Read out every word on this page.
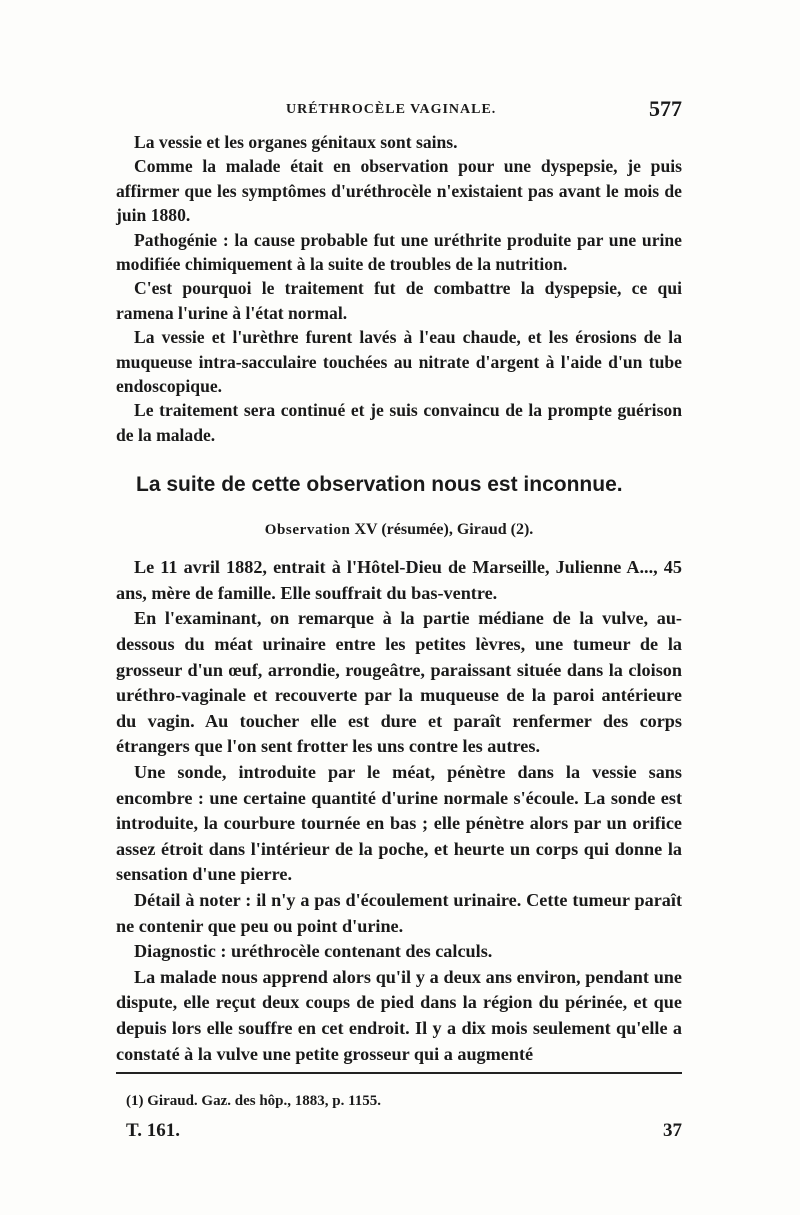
URÉTHROCÈLE VAGINALE.	577

La vessie et les organes génitaux sont sains.

Comme la malade était en observation pour une dyspepsie, je puis affirmer que les symptômes d'uréthrocèle n'existaient pas avant le mois de juin 1880.

Pathogénie : la cause probable fut une uréthrite produite par une urine modifiée chimiquement à la suite de troubles de la nutrition.

C'est pourquoi le traitement fut de combattre la dyspepsie, ce qui ramena l'urine à l'état normal.

La vessie et l'urèthre furent lavés à l'eau chaude, et les érosions de la muqueuse intra-sacculaire touchées au nitrate d'argent à l'aide d'un tube endoscopique.

Le traitement sera continué et je suis convaincu de la prompte guérison de la malade.

La suite de cette observation nous est inconnue.

Observation XV (résumée), Giraud (2).

Le 11 avril 1882, entrait à l'Hôtel-Dieu de Marseille, Julienne A..., 45 ans, mère de famille. Elle souffrait du bas-ventre.

En l'examinant, on remarque à la partie médiane de la vulve, au-dessous du méat urinaire entre les petites lèvres, une tumeur de la grosseur d'un œuf, arrondie, rougeâtre, paraissant située dans la cloison uréthro-vaginale et recouverte par la muqueuse de la paroi antérieure du vagin. Au toucher elle est dure et paraît renfermer des corps étrangers que l'on sent frotter les uns contre les autres.

Une sonde, introduite par le méat, pénètre dans la vessie sans encombre : une certaine quantité d'urine normale s'écoule. La sonde est introduite, la courbure tournée en bas ; elle pénètre alors par un orifice assez étroit dans l'intérieur de la poche, et heurte un corps qui donne la sensation d'une pierre.

Détail à noter : il n'y a pas d'écoulement urinaire. Cette tumeur paraît ne contenir que peu ou point d'urine.

Diagnostic : uréthrocèle contenant des calculs.

La malade nous apprend alors qu'il y a deux ans environ, pendant une dispute, elle reçut deux coups de pied dans la région du périnée, et que depuis lors elle souffre en cet endroit. Il y a dix mois seulement qu'elle a constaté à la vulve une petite grosseur qui a augmenté

(1) Giraud. Gaz. des hôp., 1883, p. 1155.
T. 161.	37
